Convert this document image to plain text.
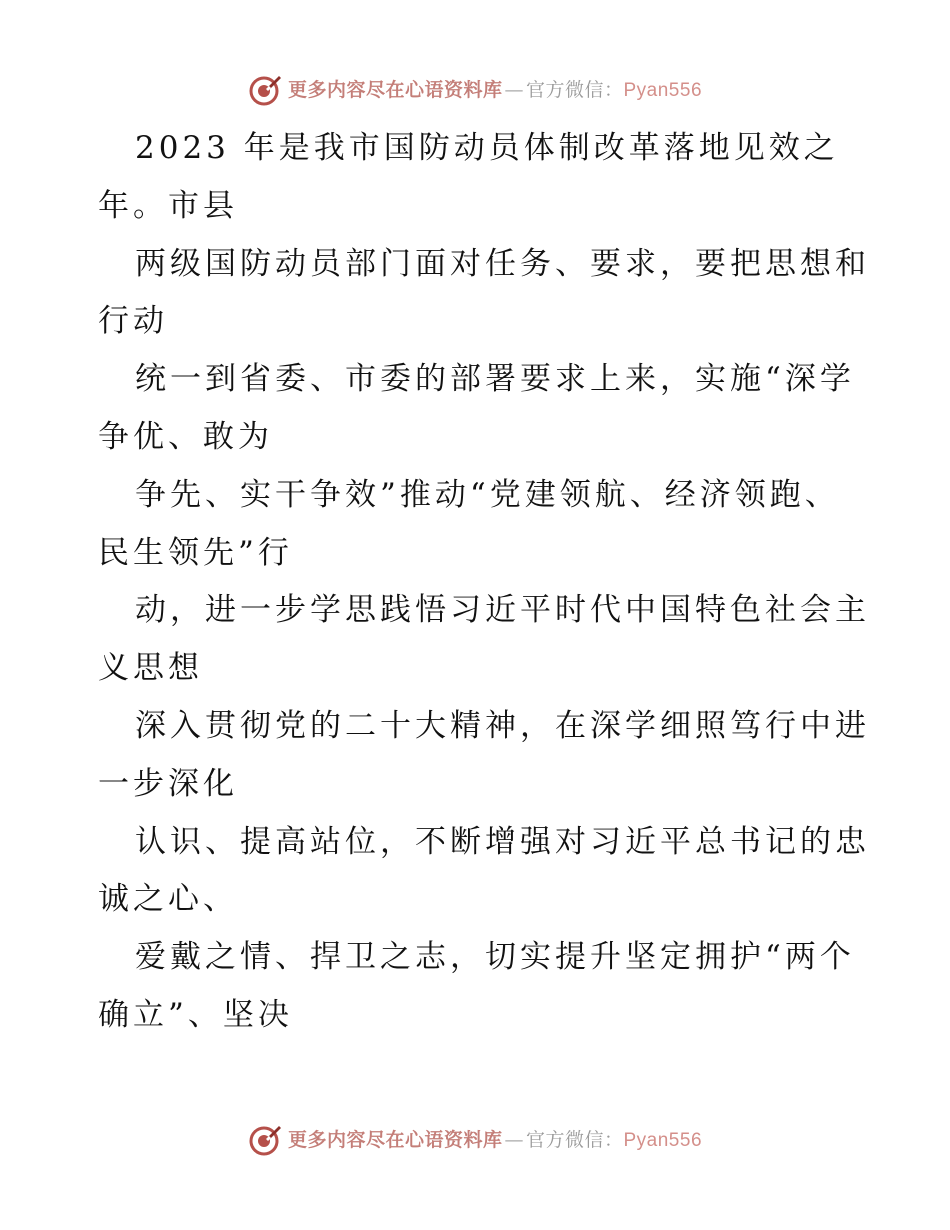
更多内容尽在心语资料库 — 官方微信： Pyan556
2023 年是我市国防动员体制改革落地见效之
年。市县
两级国防动员部门面对任务、要求，要把思想和
行动
统一到省委、市委的部署要求上来，实施“深学
争优、敢为
争先、实干争效”推动“党建领航、经济领跑、
民生领先”行
动，进一步学思践悟习近平时代中国特色社会主
义思想
深入贯彻党的二十大精神，在深学细照笃行中进
一步深化
认识、提高站位，不断增强对习近平总书记的忠
诚之心、
爱戴之情、捍卫之志，切实提升坚定拥护“两个
确立”、坚决
更多内容尽在心语资料库 — 官方微信： Pyan556
